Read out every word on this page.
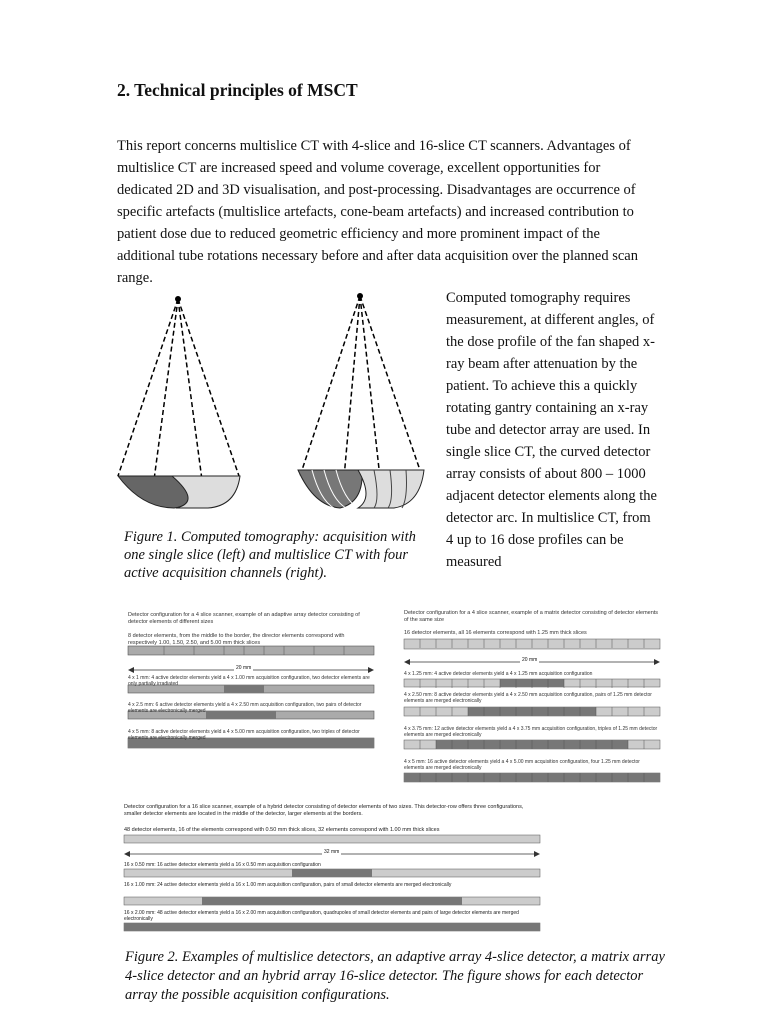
2. Technical principles of MSCT
This report concerns multislice CT with 4-slice and 16-slice CT scanners. Advantages of multislice CT are increased speed and volume coverage, excellent opportunities for dedicated 2D and 3D visualisation, and post-processing. Disadvantages are occurrence of specific artefacts (multislice artefacts, cone-beam artefacts) and increased contribution to patient dose due to reduced geometric efficiency and more prominent impact of the additional tube rotations necessary before and after data acquisition over the planned scan range.
Computed tomography requires measurement, at different angles, of the dose profile of the fan shaped x-ray beam after attenuation by the patient. To achieve this a quickly rotating gantry containing an x-ray tube and detector array are used. In single slice CT, the curved detector array consists of about 800 – 1000 adjacent detector elements along the detector arc. In multislice CT, from 4 up to 16 dose profiles can be measured
Figure 1. Computed tomography: acquisition with one single slice (left) and multislice CT with four active acquisition channels (right).
Detector configuration for a 4 slice scanner, example of an adaptive array detector consisting of detector elements of different sizes
8 detector elements, from the middle to the border, the director elements correspond with respectively 1.00, 1.50, 2.50, and 5.00 mm thick slices
20 mm
4 x 1 mm: 4 active detector elements yield a 4 x 1.00 mm acquisition configuration, two detector elements are only partially irradiated
4 x 2.5 mm: 6 active detector elements yield a 4 x 2.50 mm acquisition configuration, two pairs of detector elements are electronically merged
4 x 5 mm: 8 active detector elements yield a 4 x 5.00 mm acquisition configuration, two triples of detector elements are electronically merged
Detector configuration for a 4 slice scanner, example of a matrix detector consisting of detector elements of the same size
16 detector elements, all 16 elements correspond with 1.25 mm thick slices
20 mm
4 x 1.25 mm: 4 active detector elements yield a 4 x 1.25 mm acquisition configuration
4 x 2.50 mm: 8 active detector elements yield a 4 x 2.50 mm acquisition configuration, pairs of 1.25 mm detector elements are merged electronically
4 x 3.75 mm: 12 active detector elements yield a 4 x 3.75 mm acquisition configuration, triples of 1.25 mm detector elements are merged electronically
4 x 5 mm: 16 active detector elements yield a 4 x 5.00 mm acquisition configuration, four 1.25 mm detector elements are merged electronically
Detector configuration for a 16 slice scanner, example of a hybrid detector consisting of detector elements of two sizes. This detector-row offers three configurations, smaller detector elements are located in the middle of the detector, larger elements at the borders.
48 detector elements, 16 of the elements correspond with 0.50 mm thick slices, 32 elements correspond with 1.00 mm thick slices
32 mm
16 x 0.50 mm: 16 active detector elements yield a 16 x 0.50 mm acquisition configuration
16 x 1.00 mm: 24 active detector elements yield a 16 x 1.00 mm acquisition configuration, pairs of small detector elements are merged electronically
16 x 2.00 mm: 48 active detector elements yield a 16 x 2.00 mm acquisition configuration, quadrupoles of small detector elements and pairs of large detector elements are merged electronically
Figure 2. Examples of multislice detectors, an adaptive array 4-slice detector, a matrix array 4-slice detector and an hybrid array 16-slice detector. The figure shows for each detector array the possible acquisition configurations.
